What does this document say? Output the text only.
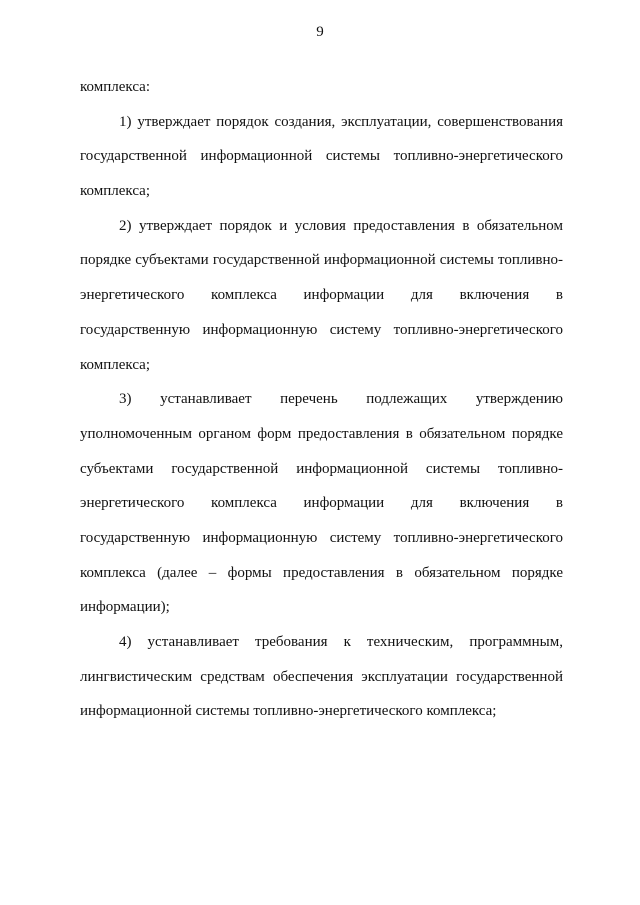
9
комплекса:
1) утверждает порядок создания, эксплуатации, совершенствования
государственной информационной системы топливно-энергетического
комплекса;
2) утверждает порядок и условия предоставления в обязательном
порядке субъектами государственной информационной системы топливно-
энергетического комплекса информации для включения в
государственную информационную систему топливно-энергетического
комплекса;
3) устанавливает перечень подлежащих утверждению
уполномоченным органом форм предоставления в обязательном порядке
субъектами государственной информационной системы топливно-
энергетического комплекса информации для включения в
государственную информационную систему топливно-энергетического
комплекса (далее – формы предоставления в обязательном порядке
информации);
4) устанавливает требования к техническим, программным,
лингвистическим средствам обеспечения эксплуатации государственной
информационной системы топливно-энергетического комплекса;
